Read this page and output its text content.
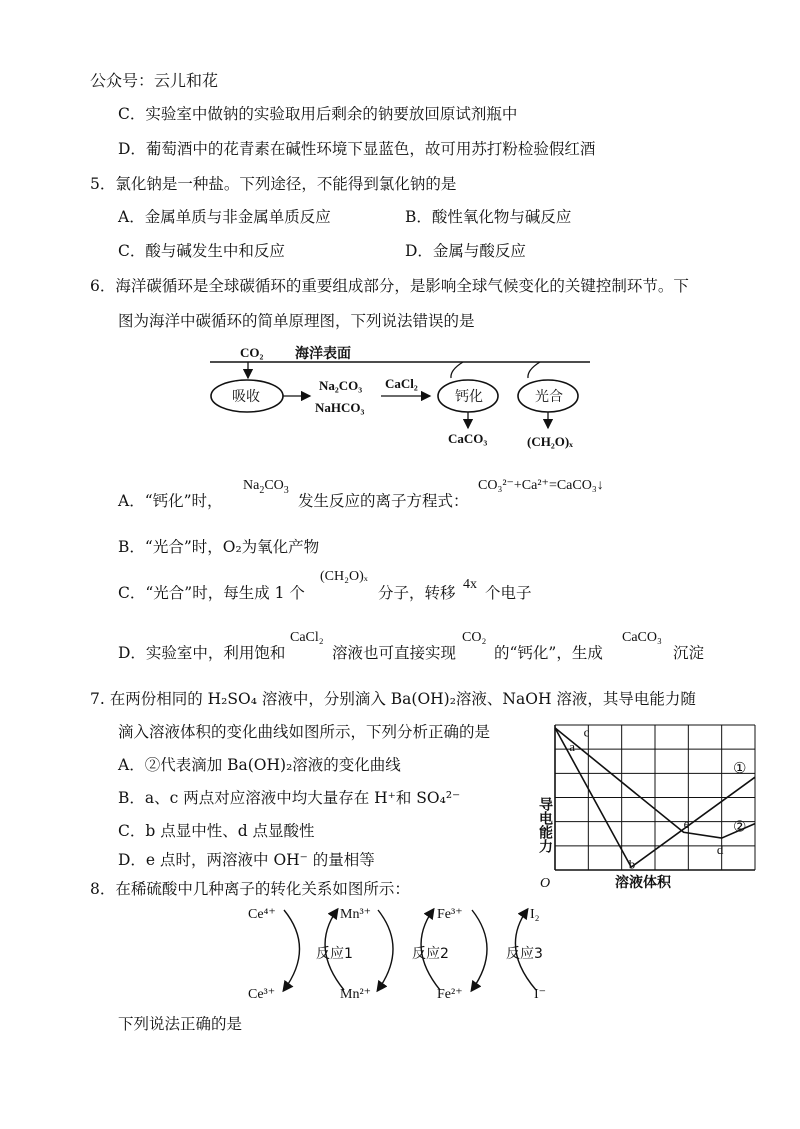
公众号：云儿和花
C．实验室中做钠的实验取用后剩余的钠要放回原试剂瓶中
D．葡萄酒中的花青素在碱性环境下显蓝色，故可用苏打粉检验假红酒
5．氯化钠是一种盐。下列途径，不能得到氯化钠的是
A．金属单质与非金属单质反应	B．酸性氧化物与碱反应
C．酸与碱发生中和反应	D．金属与酸反应
6．海洋碳循环是全球碳循环的重要组成部分，是影响全球气候变化的关键控制环节。下
图为海洋中碳循环的简单原理图，下列说法错误的是
CO₂ 海洋表面
吸收
Na₂CO₃
NaHCO₃
CaCl₂
钙化	光合
CaCO₃	(CH₂O)ₓ
A．“钙化”时，
$Na_2CO_3$
发生反应的离子方程式：
CO₃²⁻+Ca²⁺=CaCO₃↓
B．“光合”时，O₂为氧化产物
C．“光合”时，每生成 1 个
(CH₂O)ₓ
分子，转移 4x 个电子
D．实验室中，利用饱和
CaCl₂
溶液也可直接实现
CO₂
的“钙化”，生成
CaCO₃
沉淀
7. 在两份相同的 H₂SO₄ 溶液中，分别滴入 Ba(OH)₂溶液、NaOH 溶液，其导电能力随
滴入溶液体积的变化曲线如图所示，下列分析正确的是
A．②代表滴加 Ba(OH)₂溶液的变化曲线
B．a、c 两点对应溶液中均大量存在 H⁺和 SO₄²⁻
C．b 点显中性、d 点显酸性
D．e 点时，两溶液中 OH⁻ 的量相等
①
②
a
b
c
d
e
导电能力
溶液体积
O
8．在稀硫酸中几种离子的转化关系如图所示：
Ce⁴⁺	Mn³⁺	Fe³⁺	I₂
Ce³⁺	Mn²⁺	Fe²⁺	I⁻
反应1	反应2	反应3
下列说法正确的是
